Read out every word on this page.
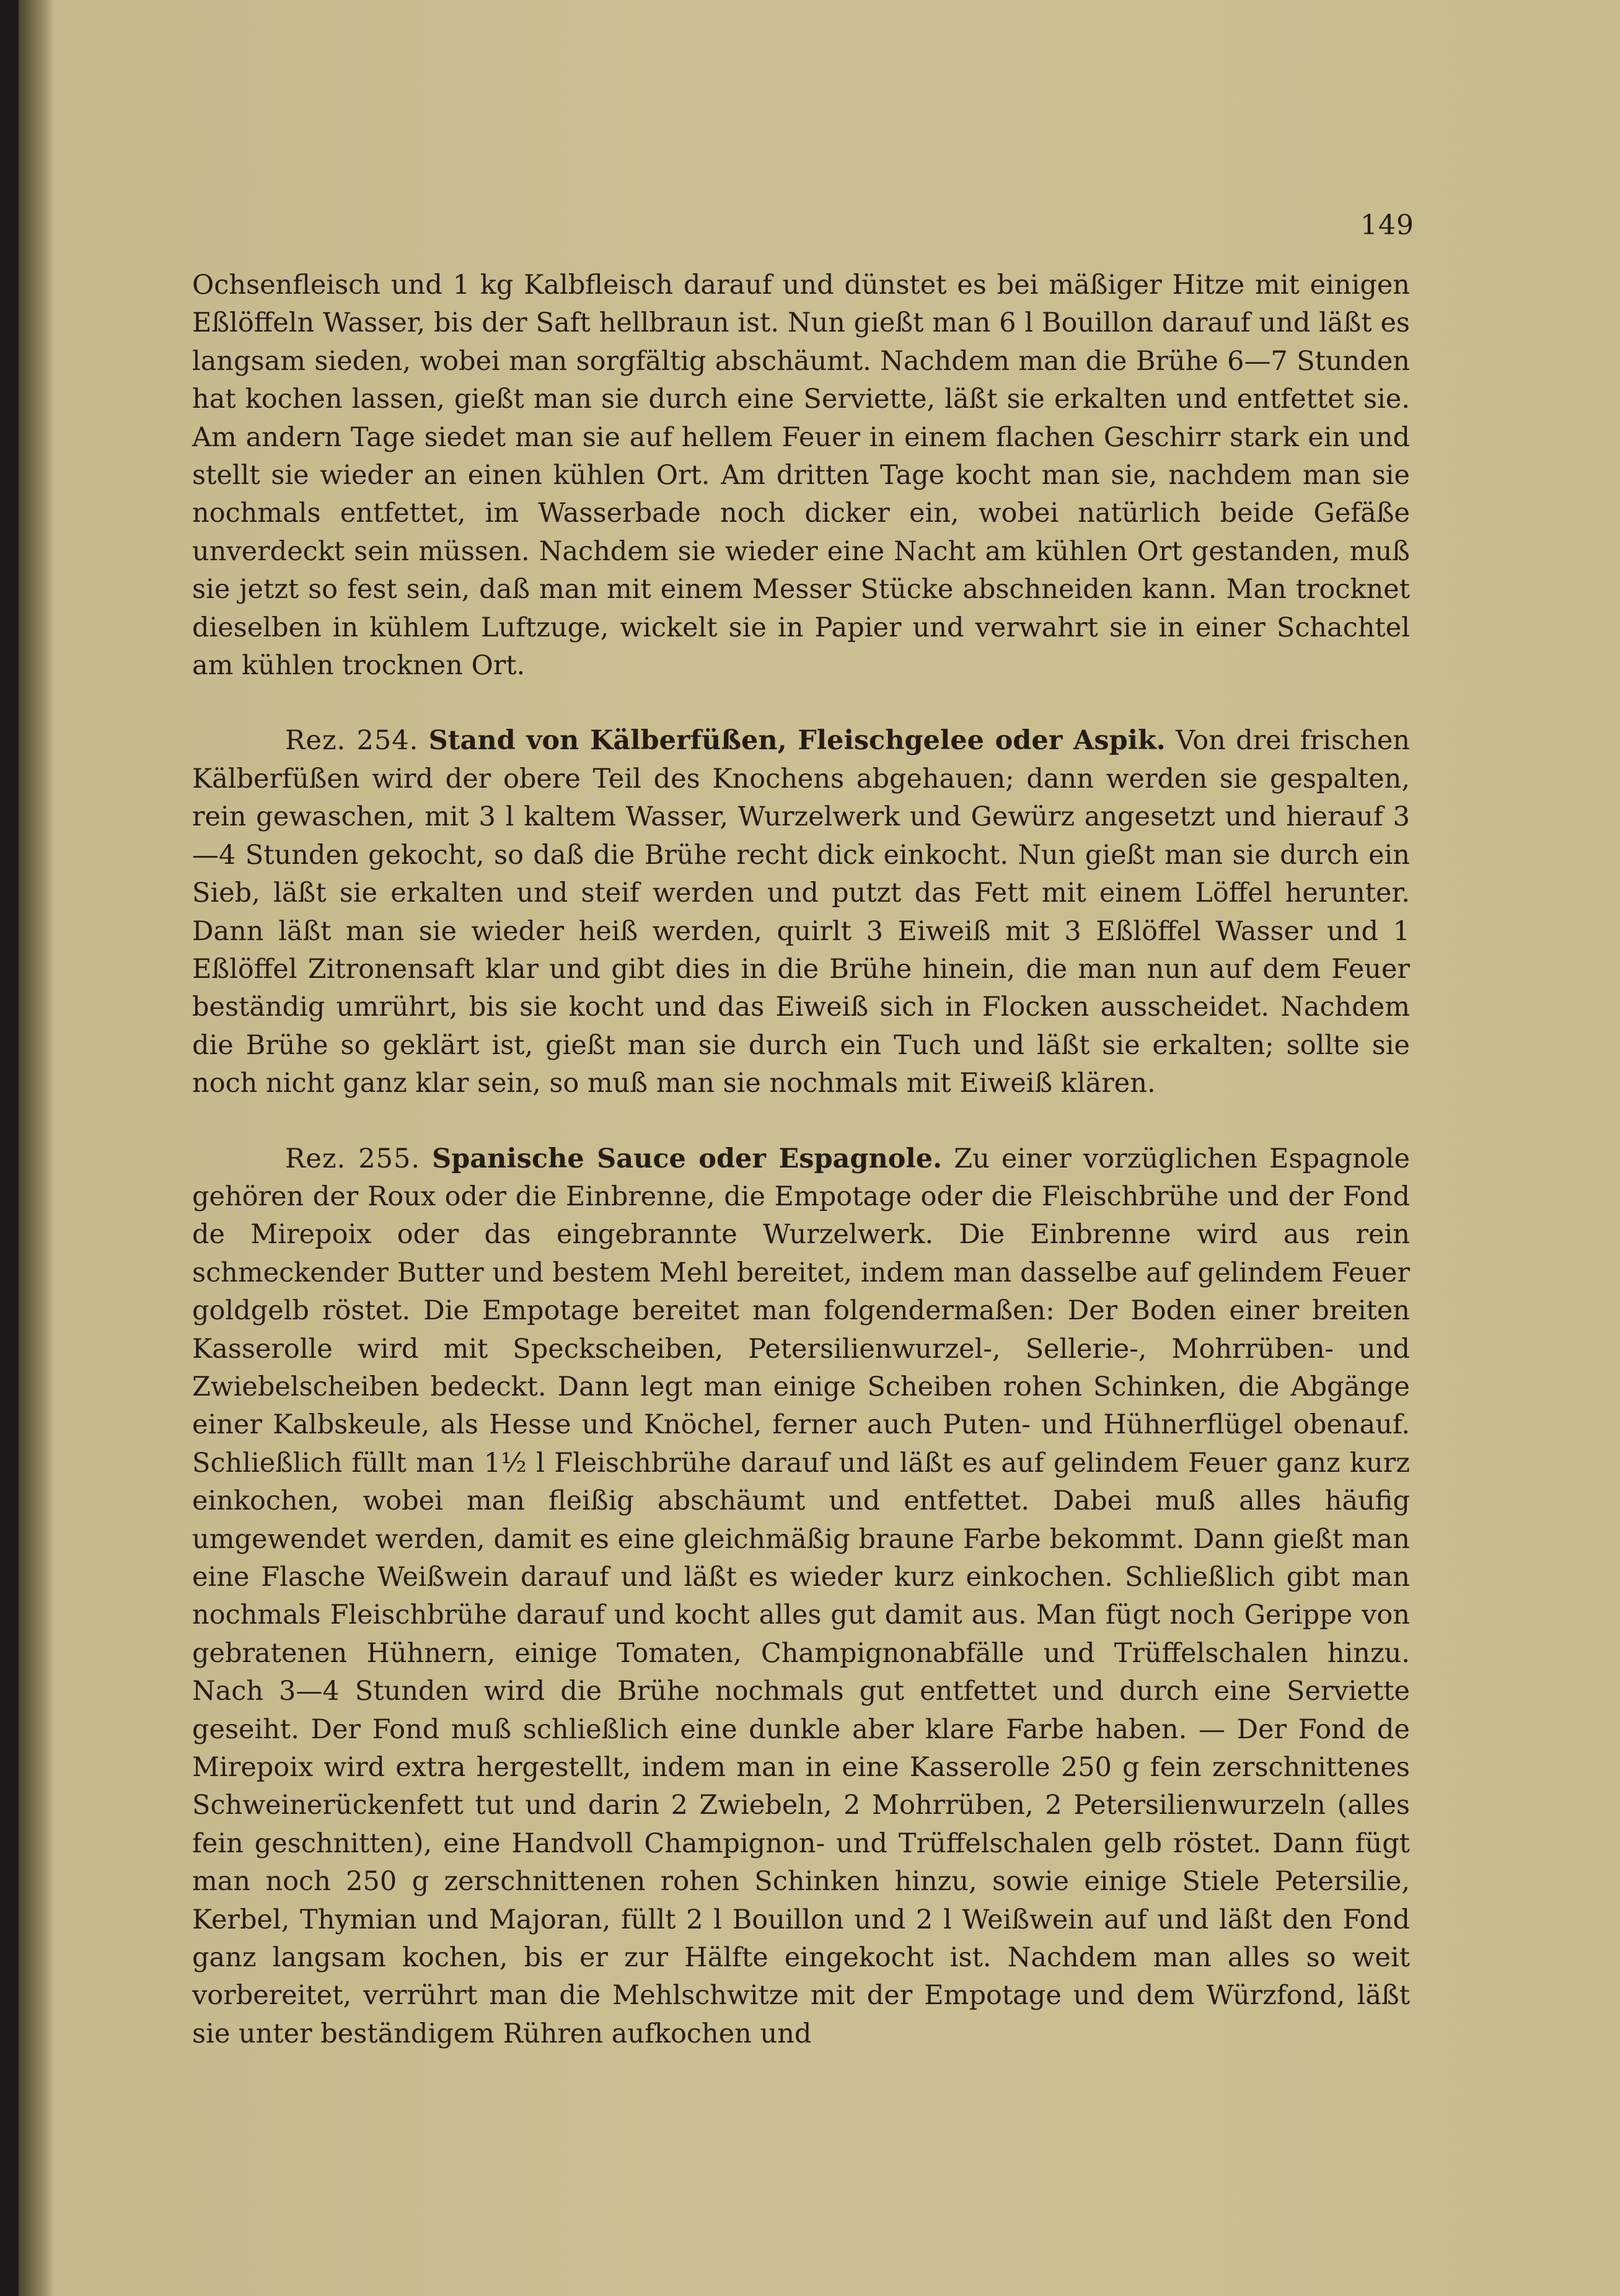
149

Ochsenfleisch und 1 kg Kalbfleisch darauf und dünstet es bei mäßiger Hitze mit einigen Eßlöffeln Wasser, bis der Saft hellbraun ist. Nun gießt man 6 l Bouillon darauf und läßt es langsam sieden, wobei man sorgfältig abschäumt. Nachdem man die Brühe 6—7 Stunden hat kochen lassen, gießt man sie durch eine Serviette, läßt sie erkalten und entfettet sie. Am andern Tage siedet man sie auf hellem Feuer in einem flachen Geschirr stark ein und stellt sie wieder an einen kühlen Ort. Am dritten Tage kocht man sie, nachdem man sie nochmals entfettet, im Wasserbade noch dicker ein, wobei natürlich beide Gefäße unverdeckt sein müssen. Nachdem sie wieder eine Nacht am kühlen Ort gestanden, muß sie jetzt so fest sein, daß man mit einem Messer Stücke abschneiden kann. Man trocknet dieselben in kühlem Luftzuge, wickelt sie in Papier und verwahrt sie in einer Schachtel am kühlen trocknen Ort.

Rez. 254. Stand von Kälberfüßen, Fleischgelee oder Aspik. Von drei frischen Kälberfüßen wird der obere Teil des Knochens abgehauen; dann werden sie gespalten, rein gewaschen, mit 3 l kaltem Wasser, Wurzelwerk und Gewürz angesetzt und hierauf 3—4 Stunden gekocht, so daß die Brühe recht dick einkocht. Nun gießt man sie durch ein Sieb, läßt sie erkalten und steif werden und putzt das Fett mit einem Löffel herunter. Dann läßt man sie wieder heiß werden, quirlt 3 Eiweiß mit 3 Eßlöffel Wasser und 1 Eßlöffel Zitronensaft klar und gibt dies in die Brühe hinein, die man nun auf dem Feuer beständig umrührt, bis sie kocht und das Eiweiß sich in Flocken ausscheidet. Nachdem die Brühe so geklärt ist, gießt man sie durch ein Tuch und läßt sie erkalten; sollte sie noch nicht ganz klar sein, so muß man sie nochmals mit Eiweiß klären.

Rez. 255. Spanische Sauce oder Espagnole. Zu einer vorzüglichen Espagnole gehören der Roux oder die Einbrenne, die Empotage oder die Fleischbrühe und der Fond de Mirepoix oder das eingebrannte Wurzelwerk. Die Einbrenne wird aus rein schmeckender Butter und bestem Mehl bereitet, indem man dasselbe auf gelindem Feuer goldgelb röstet. Die Empotage bereitet man folgendermaßen: Der Boden einer breiten Kasserolle wird mit Speckscheiben, Petersilienwurzel-, Sellerie-, Mohrrüben- und Zwiebelscheiben bedeckt. Dann legt man einige Scheiben rohen Schinken, die Abgänge einer Kalbskeule, als Hesse und Knöchel, ferner auch Puten- und Hühnerflügel obenauf. Schließlich füllt man 1½ l Fleischbrühe darauf und läßt es auf gelindem Feuer ganz kurz einkochen, wobei man fleißig abschäumt und entfettet. Dabei muß alles häufig umgewendet werden, damit es eine gleichmäßig braune Farbe bekommt. Dann gießt man eine Flasche Weißwein darauf und läßt es wieder kurz einkochen. Schließlich gibt man nochmals Fleischbrühe darauf und kocht alles gut damit aus. Man fügt noch Gerippe von gebratenen Hühnern, einige Tomaten, Champignonabfälle und Trüffelschalen hinzu. Nach 3—4 Stunden wird die Brühe nochmals gut entfettet und durch eine Serviette geseiht. Der Fond muß schließlich eine dunkle aber klare Farbe haben. — Der Fond de Mirepoix wird extra hergestellt, indem man in eine Kasserolle 250 g fein zerschnittenes Schweinerückenfett tut und darin 2 Zwiebeln, 2 Mohrrüben, 2 Petersilienwurzeln (alles fein geschnitten), eine Handvoll Champignon- und Trüffelschalen gelb röstet. Dann fügt man noch 250 g zerschnittenen rohen Schinken hinzu, sowie einige Stiele Petersilie, Kerbel, Thymian und Majoran, füllt 2 l Bouillon und 2 l Weißwein auf und läßt den Fond ganz langsam kochen, bis er zur Hälfte eingekocht ist. Nachdem man alles so weit vorbereitet, verrührt man die Mehlschwitze mit der Empotage und dem Würzfond, läßt sie unter beständigem Rühren aufkochen und
